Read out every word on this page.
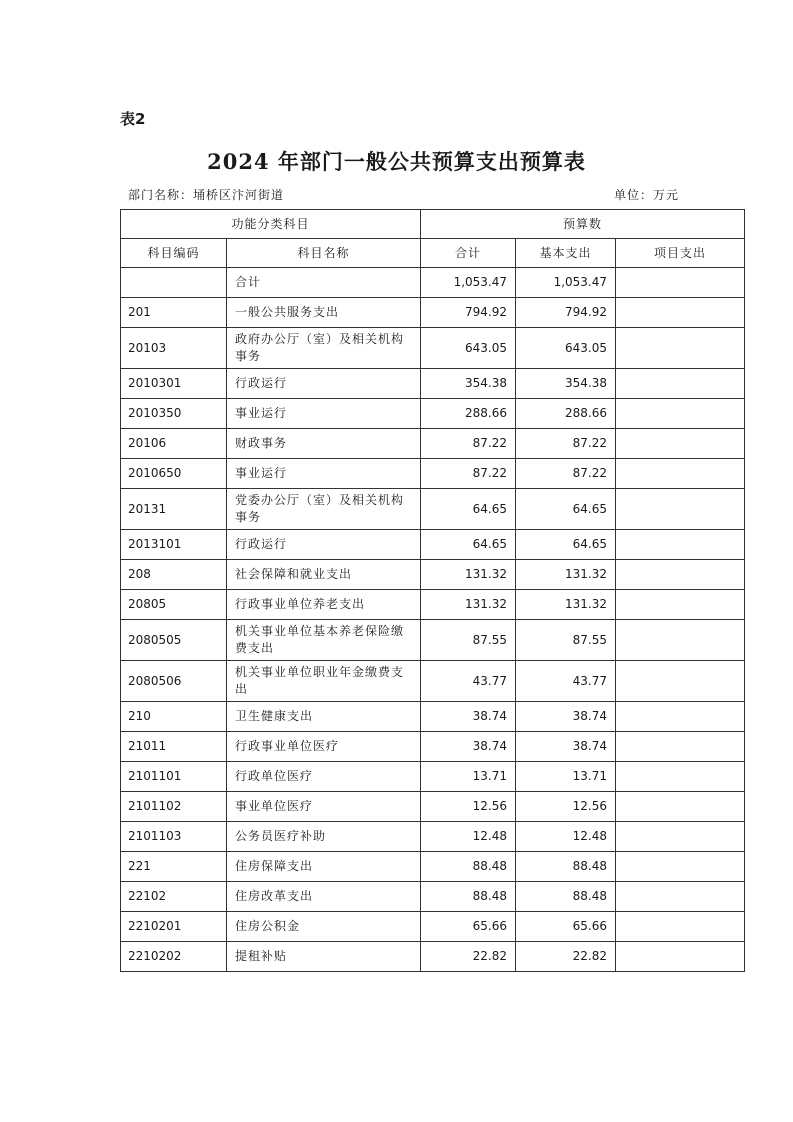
表2
2024 年部门一般公共预算支出预算表
部门名称：埇桥区汴河街道	单位：万元
功能分类科目		预算数		
科目编码	科目名称	合计	基本支出	项目支出
	合计	1,053.47	1,053.47	
201	一般公共服务支出	794.92	794.92	
20103	政府办公厅（室）及相关机构事务	643.05	643.05	
2010301	行政运行	354.38	354.38	
2010350	事业运行	288.66	288.66	
20106	财政事务	87.22	87.22	
2010650	事业运行	87.22	87.22	
20131	党委办公厅（室）及相关机构事务	64.65	64.65	
2013101	行政运行	64.65	64.65	
208	社会保障和就业支出	131.32	131.32	
20805	行政事业单位养老支出	131.32	131.32	
2080505	机关事业单位基本养老保险缴费支出	87.55	87.55	
2080506	机关事业单位职业年金缴费支出	43.77	43.77	
210	卫生健康支出	38.74	38.74	
21011	行政事业单位医疗	38.74	38.74	
2101101	行政单位医疗	13.71	13.71	
2101102	事业单位医疗	12.56	12.56	
2101103	公务员医疗补助	12.48	12.48	
221	住房保障支出	88.48	88.48	
22102	住房改革支出	88.48	88.48	
2210201	住房公积金	65.66	65.66	
2210202	提租补贴	22.82	22.82	
